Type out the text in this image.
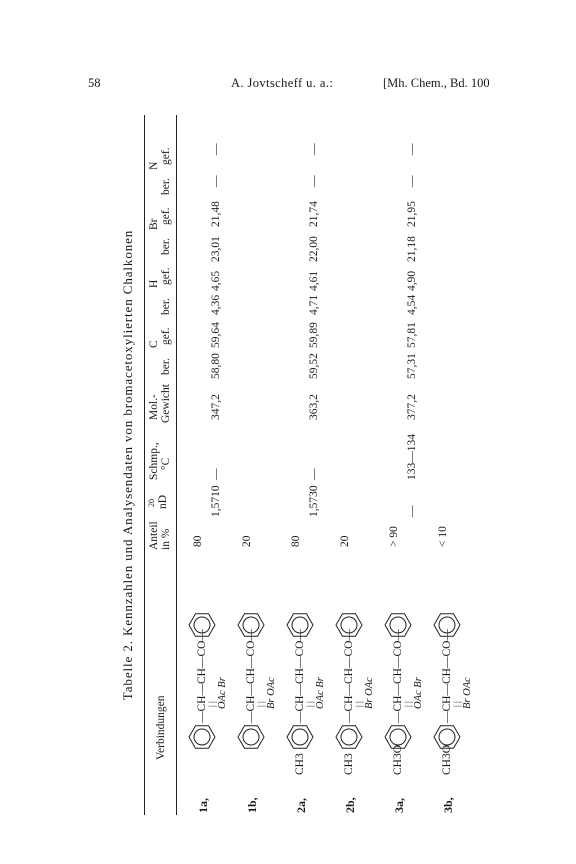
58	A. Jovtscheff u. a.:	[Mh. Chem., Bd. 100
Tabelle 2. Kennzahlen und Analysendaten von bromacetoxylierten Chalkonen
Verbindungen
Anteil in %
20 nD
Schmp., °C
Mol.- Gewicht
C
ber.
gef.
H
ber.
gef.
Br
ber.
gef.
N
ber.
gef.
1a,
—CH—CH—CO— | | OAc Br
80
1,5710
—
347,2
58,80
59,64
4,36
4,65
23,01
21,48
—
—
1b,
—CH—CH—CO— | | Br OAc
20
2a,
CH3
—CH—CH—CO— | | OAc Br
80
1,5730
—
363,2
59,52
59,89
4,71
4,61
22,00
21,74
—
—
2b,
CH3
—CH—CH—CO— | | Br OAc
20
3a,
CH3O
—CH—CH—CO— | | OAc Br
> 90
—
133—134
377,2
57,31
57,81
4,54
4,90
21,18
21,95
—
—
3b,
CH3O
—CH—CH—CO— | | Br OAc
< 10
